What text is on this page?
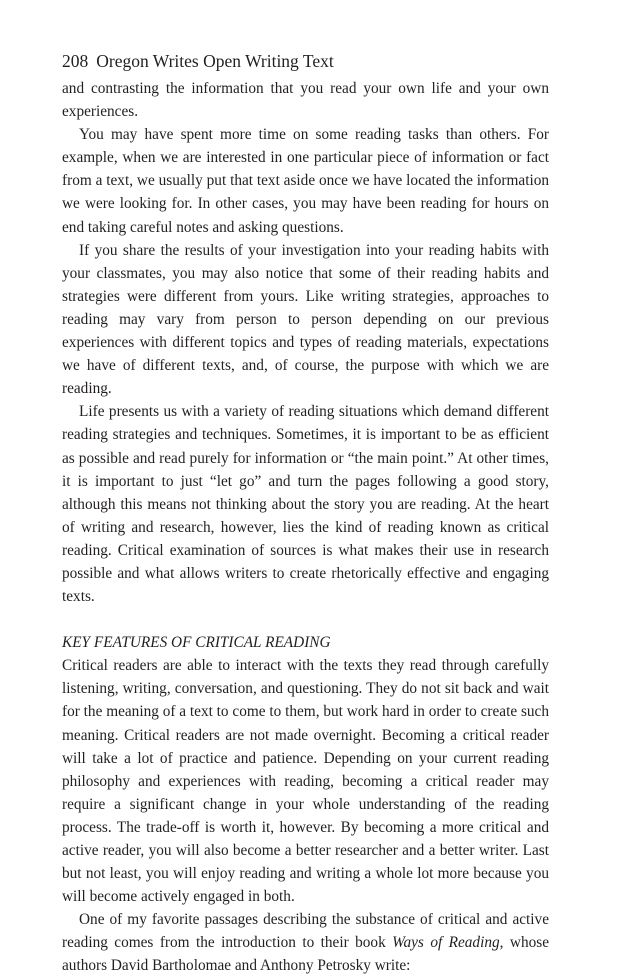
208 Oregon Writes Open Writing Text

and contrasting the information that you read your own life and your own experiences.

You may have spent more time on some reading tasks than others. For example, when we are interested in one particular piece of information or fact from a text, we usually put that text aside once we have located the information we were looking for. In other cases, you may have been reading for hours on end taking careful notes and asking questions.

If you share the results of your investigation into your reading habits with your classmates, you may also notice that some of their reading habits and strategies were different from yours. Like writing strategies, approaches to reading may vary from person to person depending on our previous experiences with different topics and types of reading materials, expectations we have of different texts, and, of course, the purpose with which we are reading.

Life presents us with a variety of reading situations which demand different reading strategies and techniques. Sometimes, it is important to be as efficient as possible and read purely for information or “the main point.” At other times, it is important to just “let go” and turn the pages following a good story, although this means not thinking about the story you are reading. At the heart of writing and research, however, lies the kind of reading known as critical reading. Critical examination of sources is what makes their use in research possible and what allows writers to create rhetorically effective and engaging texts.

KEY FEATURES OF CRITICAL READING

Critical readers are able to interact with the texts they read through carefully listening, writing, conversation, and questioning. They do not sit back and wait for the meaning of a text to come to them, but work hard in order to create such meaning. Critical readers are not made overnight. Becoming a critical reader will take a lot of practice and patience. Depending on your current reading philosophy and experiences with reading, becoming a critical reader may require a significant change in your whole understanding of the reading process. The trade-off is worth it, however. By becoming a more critical and active reader, you will also become a better researcher and a better writer. Last but not least, you will enjoy reading and writing a whole lot more because you will become actively engaged in both.

One of my favorite passages describing the substance of critical and active reading comes from the introduction to their book Ways of Reading, whose authors David Bartholomae and Anthony Petrosky write:
